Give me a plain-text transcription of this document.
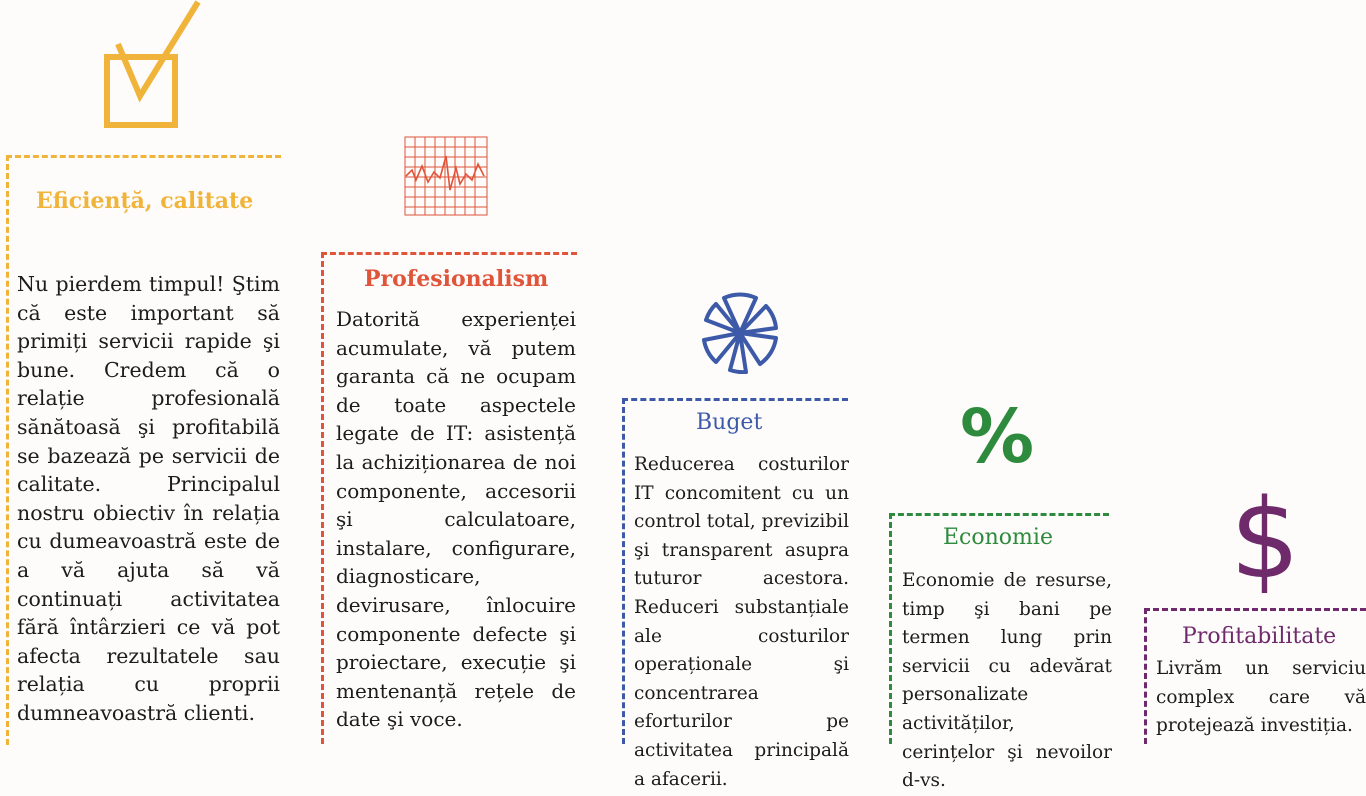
Eficiență, calitate
Nu pierdem timpul! Ştim că este important să primiți servicii rapide şi bune. Credem că o relație profesională sănătoasă şi profitabilă se bazează pe servicii de calitate. Principalul nostru obiectiv în relația cu dumeavoastră este de a vă ajuta să vă continuați activitatea fără întârzieri ce vă pot afecta rezultatele sau relația cu proprii dumneavoastră clienti.
Profesionalism
Datorită experienței acumulate, vă putem garanta că ne ocupam de toate aspectele legate de IT: asistență la achiziționarea de noi componente, accesorii şi calculatoare, instalare, configurare, diagnosticare, devirusare, înlocuire componente defecte şi proiectare, execuție şi mentenanță rețele de date şi voce.
Buget
Reducerea costurilor IT concomitent cu un control total, previzibil şi transparent asupra tuturor acestora. Reduceri substanțiale ale costurilor operaționale şi concentrarea eforturilor pe activitatea principală a afacerii.
%
Economie
Economie de resurse, timp şi bani pe termen lung prin servicii cu adevărat personalizate activităților, cerințelor şi nevoilor d-vs.
$
Profitabilitate
Livrăm un serviciu complex care vă protejează investiția.
